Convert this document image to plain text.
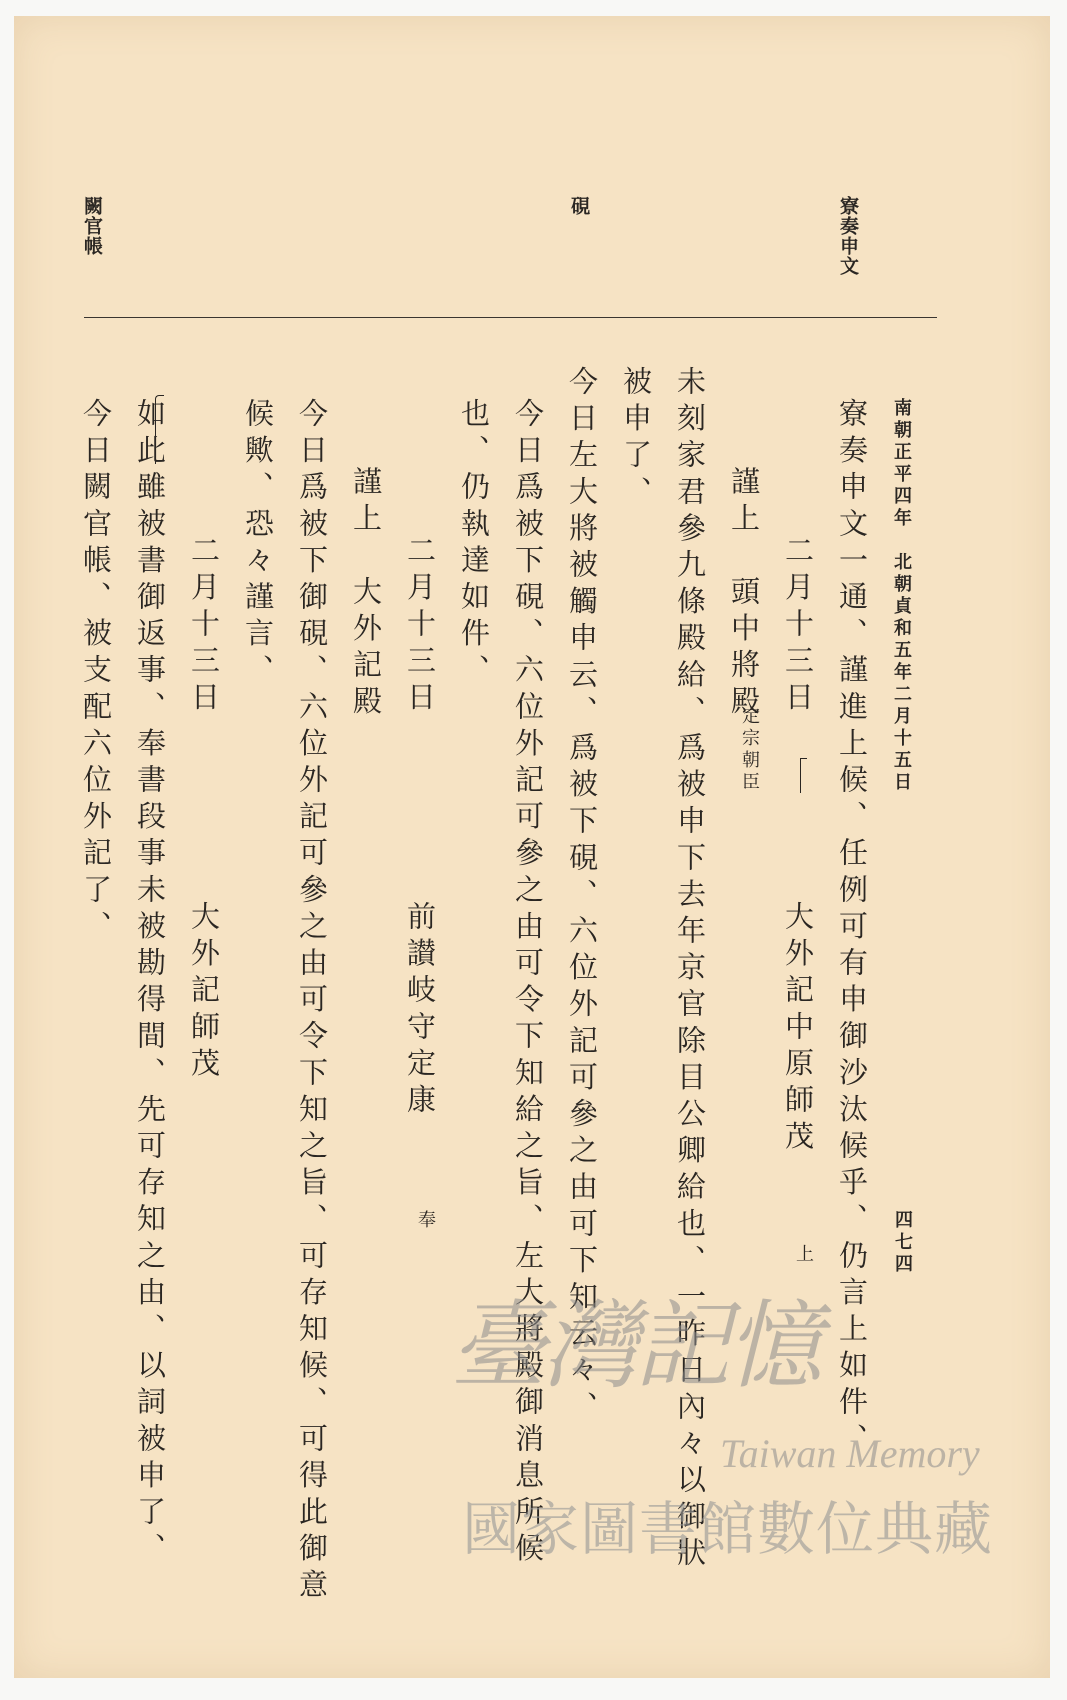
寮奏申文
硯
闕官帳
南朝正平四年　北朝貞和五年二月十五日
四七四
寮奏申文一通、謹進上候、任例可有申御沙汰候乎、仍言上如件、
二月十三日　　　　　大外記中原師茂
上
謹上　頭中將殿
定宗朝臣
未刻家君參九條殿給、爲被申下去年京官除目公卿給也、一昨日內々以御狀
被申了、
今日左大將被觸申云、爲被下硯、六位外記可參之由可下知云々、
今日爲被下硯、六位外記可參之由可令下知給之旨、左大將殿御消息所候
也、仍執達如件、
二月十三日　　　　　前讃岐守定康
奉
謹上　大外記殿
今日爲被下御硯、六位外記可參之由可令下知之旨、可存知候、可得此御意
候歟、恐々謹言、
二月十三日　　　　　大外記師茂
如此雖被書御返事、奉書段事未被勘得間、先可存知之由、以詞被申了、
今日闕官帳、被支配六位外記了、
臺灣記憶
Taiwan Memory
國家圖書館數位典藏
